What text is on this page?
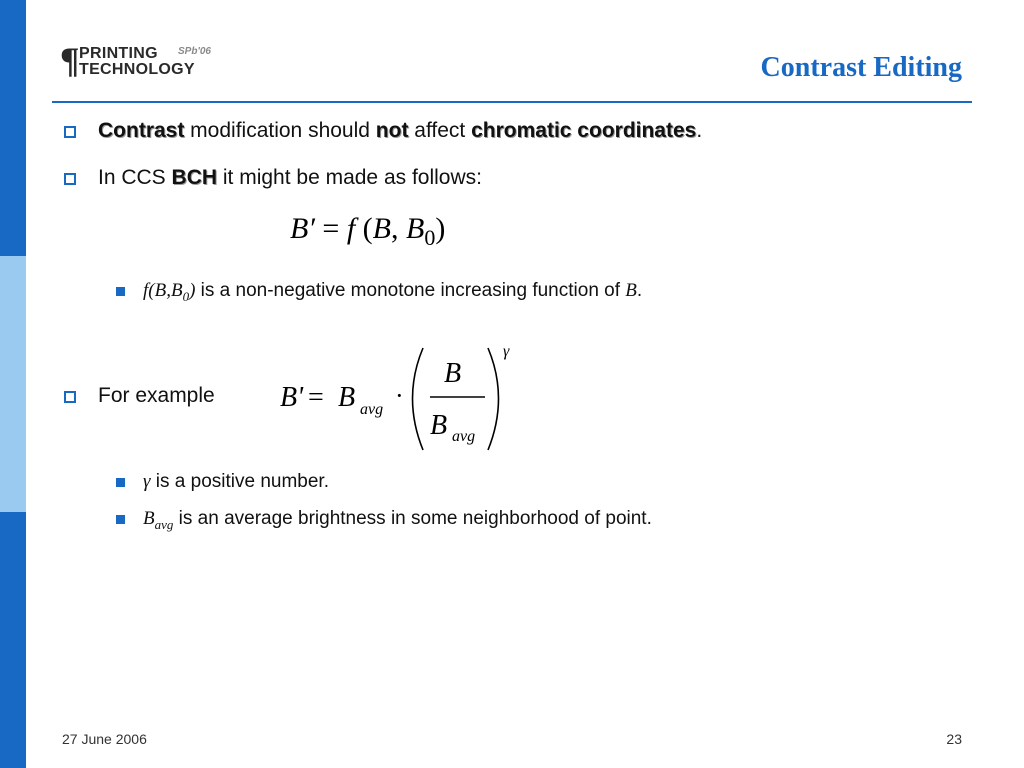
¶ PRINTING
TECHNOLOGY
SPb'06
Contrast Editing
Contrast modification should not affect chromatic coordinates.
In CCS BCH it might be made as follows:
B′ = f (B, $B_0$)
$f(B,B_0)$ is a non-negative monotone increasing function of B.
For example B' = B avg ·
B
B avg
γ
γ is a positive number.
$B_{avg}$ is an average brightness in some neighborhood of point.
27 June 2006	23
